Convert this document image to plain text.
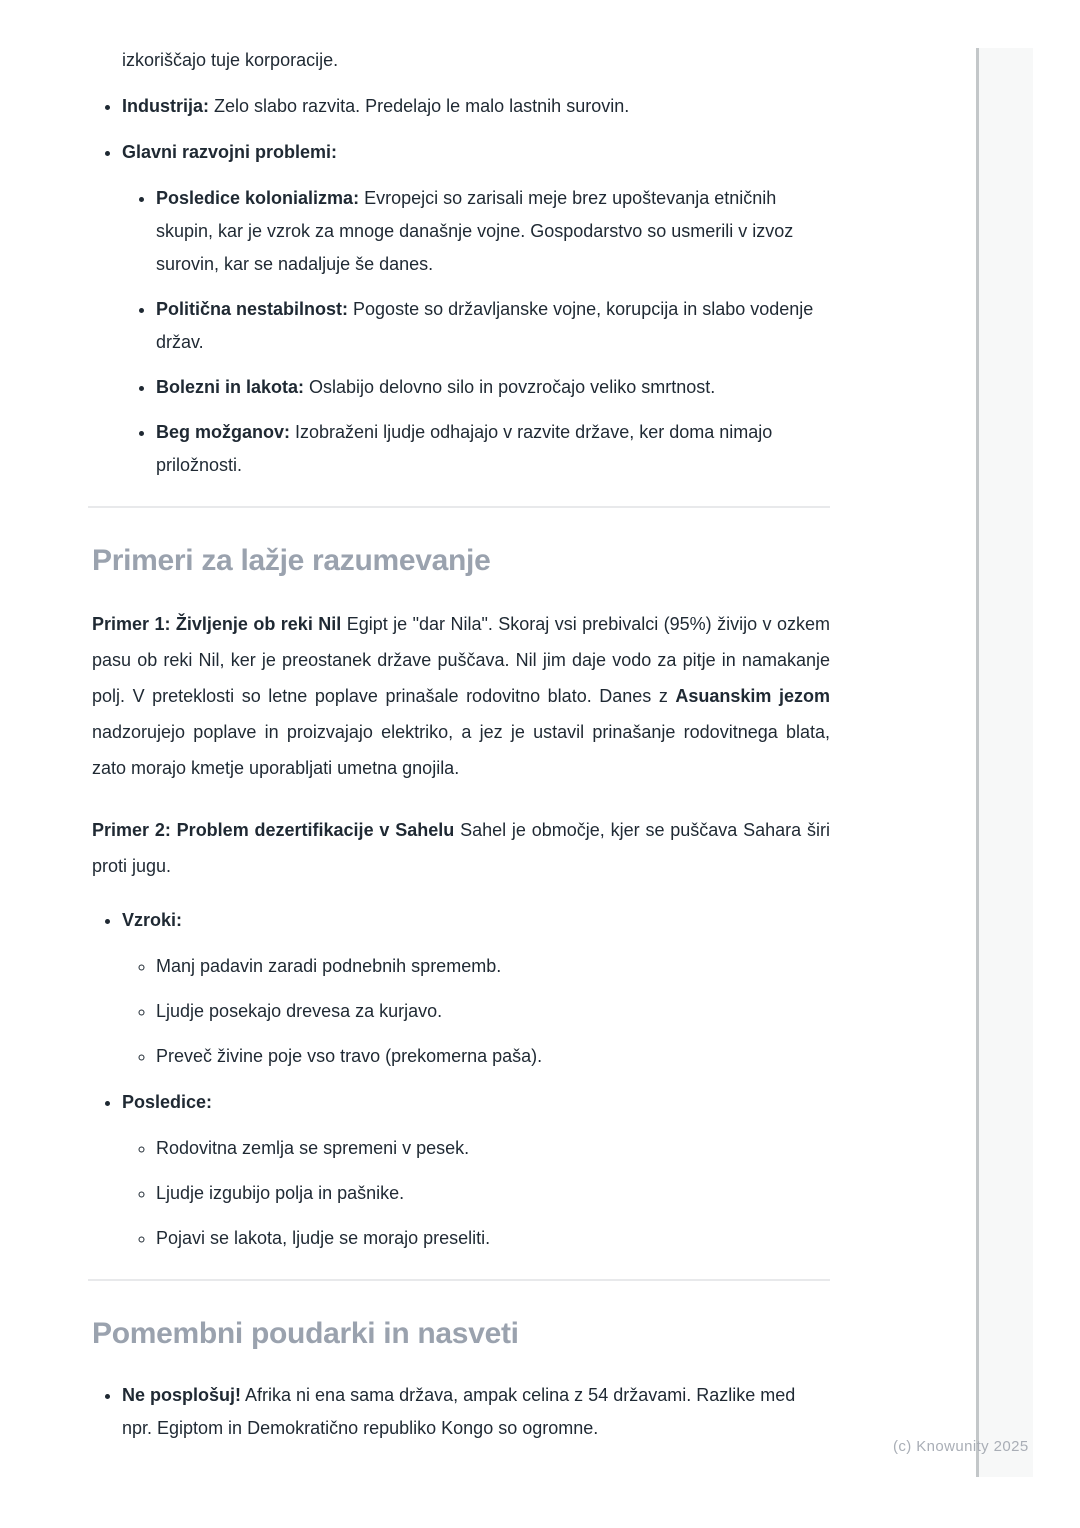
izkoriščajo tuje korporacije.
• Industrija: Zelo slabo razvita. Predelajo le malo lastnih surovin.
• Glavni razvojni problemi:
• Posledice kolonializma: Evropejci so zarisali meje brez upoštevanja etničnih skupin, kar je vzrok za mnoge današnje vojne. Gospodarstvo so usmerili v izvoz surovin, kar se nadaljuje še danes.
• Politična nestabilnost: Pogoste so državljanske vojne, korupcija in slabo vodenje držav.
• Bolezni in lakota: Oslabijo delovno silo in povzročajo veliko smrtnost.
• Beg možganov: Izobraženi ljudje odhajajo v razvite države, ker doma nimajo priložnosti.
Primeri za lažje razumevanje

Primer 1: Življenje ob reki Nil Egipt je "dar Nila". Skoraj vsi prebivalci (95%) živijo v ozkem pasu ob reki Nil, ker je preostanek države puščava. Nil jim daje vodo za pitje in namakanje polj. V preteklosti so letne poplave prinašale rodovitno blato. Danes z Asuanskim jezom nadzorujejo poplave in proizvajajo elektriko, a jez je ustavil prinašanje rodovitnega blata, zato morajo kmetje uporabljati umetna gnojila.

Primer 2: Problem dezertifikacije v Sahelu Sahel je območje, kjer se puščava Sahara širi proti jugu.

• Vzroki:
◦ Manj padavin zaradi podnebnih sprememb.
◦ Ljudje posekajo drevesa za kurjavo.
◦ Preveč živine poje vso travo (prekomerna paša).
• Posledice:
◦ Rodovitna zemlja se spremeni v pesek.
◦ Ljudje izgubijo polja in pašnike.
◦ Pojavi se lakota, ljudje se morajo preseliti.
Pomembni poudarki in nasveti
• Ne posplošuj! Afrika ni ena sama država, ampak celina z 54 državami. Razlike med npr. Egiptom in Demokratično republiko Kongo so ogromne.
(c) Knowunity 2025
